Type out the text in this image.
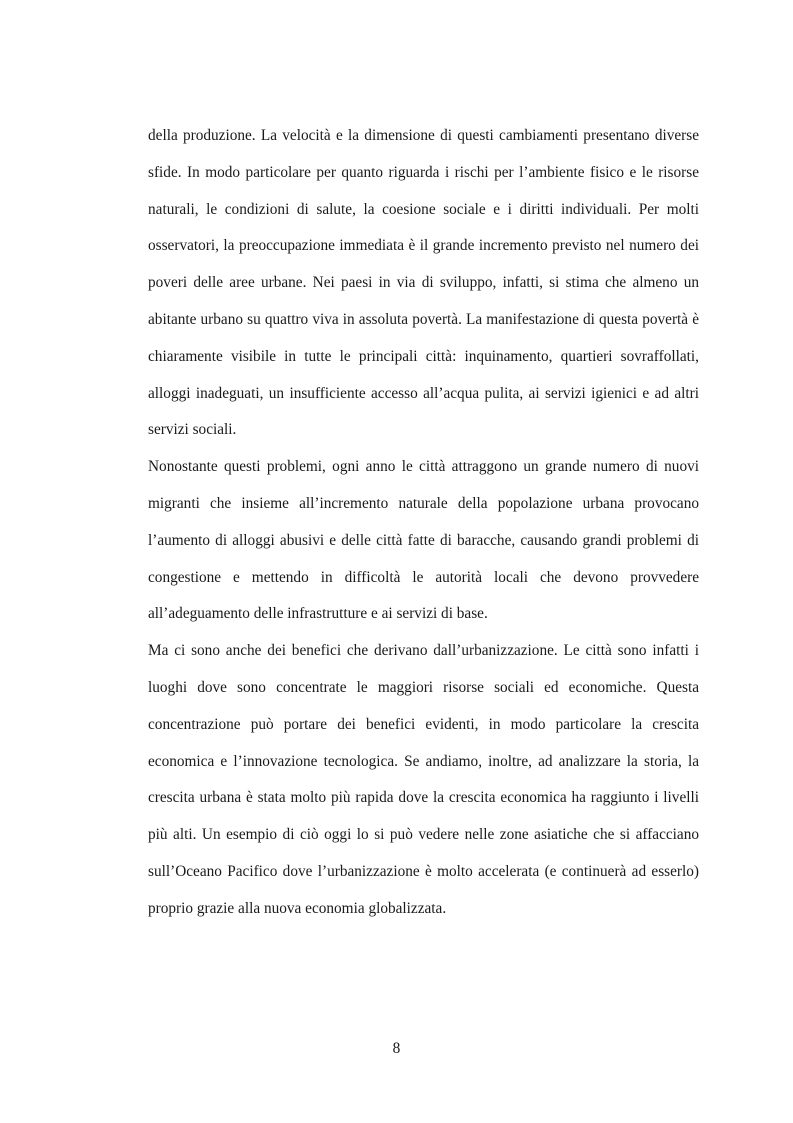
della produzione. La velocità e la dimensione di questi cambiamenti presentano diverse sfide. In modo particolare per quanto riguarda i rischi per l’ambiente fisico e le risorse naturali, le condizioni di salute, la coesione sociale e i diritti individuali. Per molti osservatori, la preoccupazione immediata è il grande incremento previsto nel numero dei poveri delle aree urbane. Nei paesi in via di sviluppo, infatti, si stima che almeno un abitante urbano su quattro viva in assoluta povertà. La manifestazione di questa povertà è chiaramente visibile in tutte le principali città: inquinamento, quartieri sovraffollati, alloggi inadeguati, un insufficiente accesso all’acqua pulita, ai servizi igienici e ad altri servizi sociali.

Nonostante questi problemi, ogni anno le città attraggono un grande numero di nuovi migranti che insieme all’incremento naturale della popolazione urbana provocano l’aumento di alloggi abusivi e delle città fatte di baracche, causando grandi problemi di congestione e mettendo in difficoltà le autorità locali che devono provvedere all’adeguamento delle infrastrutture e ai servizi di base.

Ma ci sono anche dei benefici che derivano dall’urbanizzazione. Le città sono infatti i luoghi dove sono concentrate le maggiori risorse sociali ed economiche. Questa concentrazione può portare dei benefici evidenti, in modo particolare la crescita economica e l’innovazione tecnologica. Se andiamo, inoltre, ad analizzare la storia, la crescita urbana è stata molto più rapida dove la crescita economica ha raggiunto i livelli più alti. Un esempio di ciò oggi lo si può vedere nelle zone asiatiche che si affacciano sull’Oceano Pacifico dove l’urbanizzazione è molto accelerata (e continuerà ad esserlo) proprio grazie alla nuova economia globalizzata.

8
